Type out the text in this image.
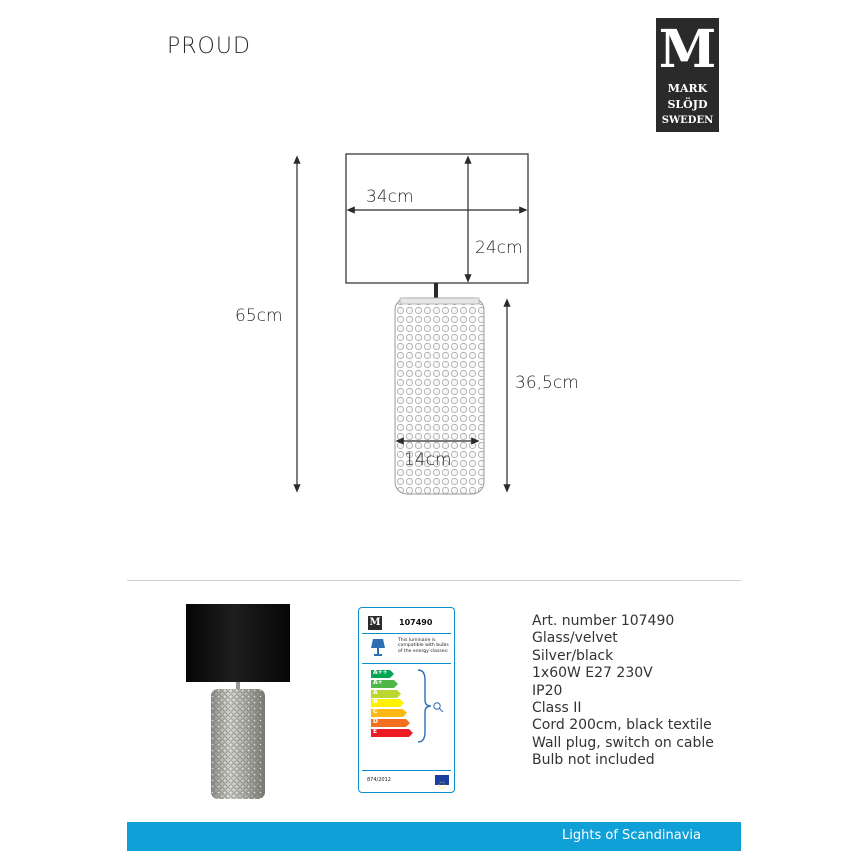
PROUD	M
MARK
SLÖJD
SWEDEN
65cm
34cm
24cm
36,5cm
14cm
M 107490
This luminaire is compatible with bulbs of the energy classes:
A++
A+
A
B
C
D
E
874/2012
Art. number 107490
Glass/velvet
Silver/black
1x60W E27 230V
IP20
Class II
Cord 200cm, black textile
Wall plug, switch on cable
Bulb not included
Lights of Scandinavia
